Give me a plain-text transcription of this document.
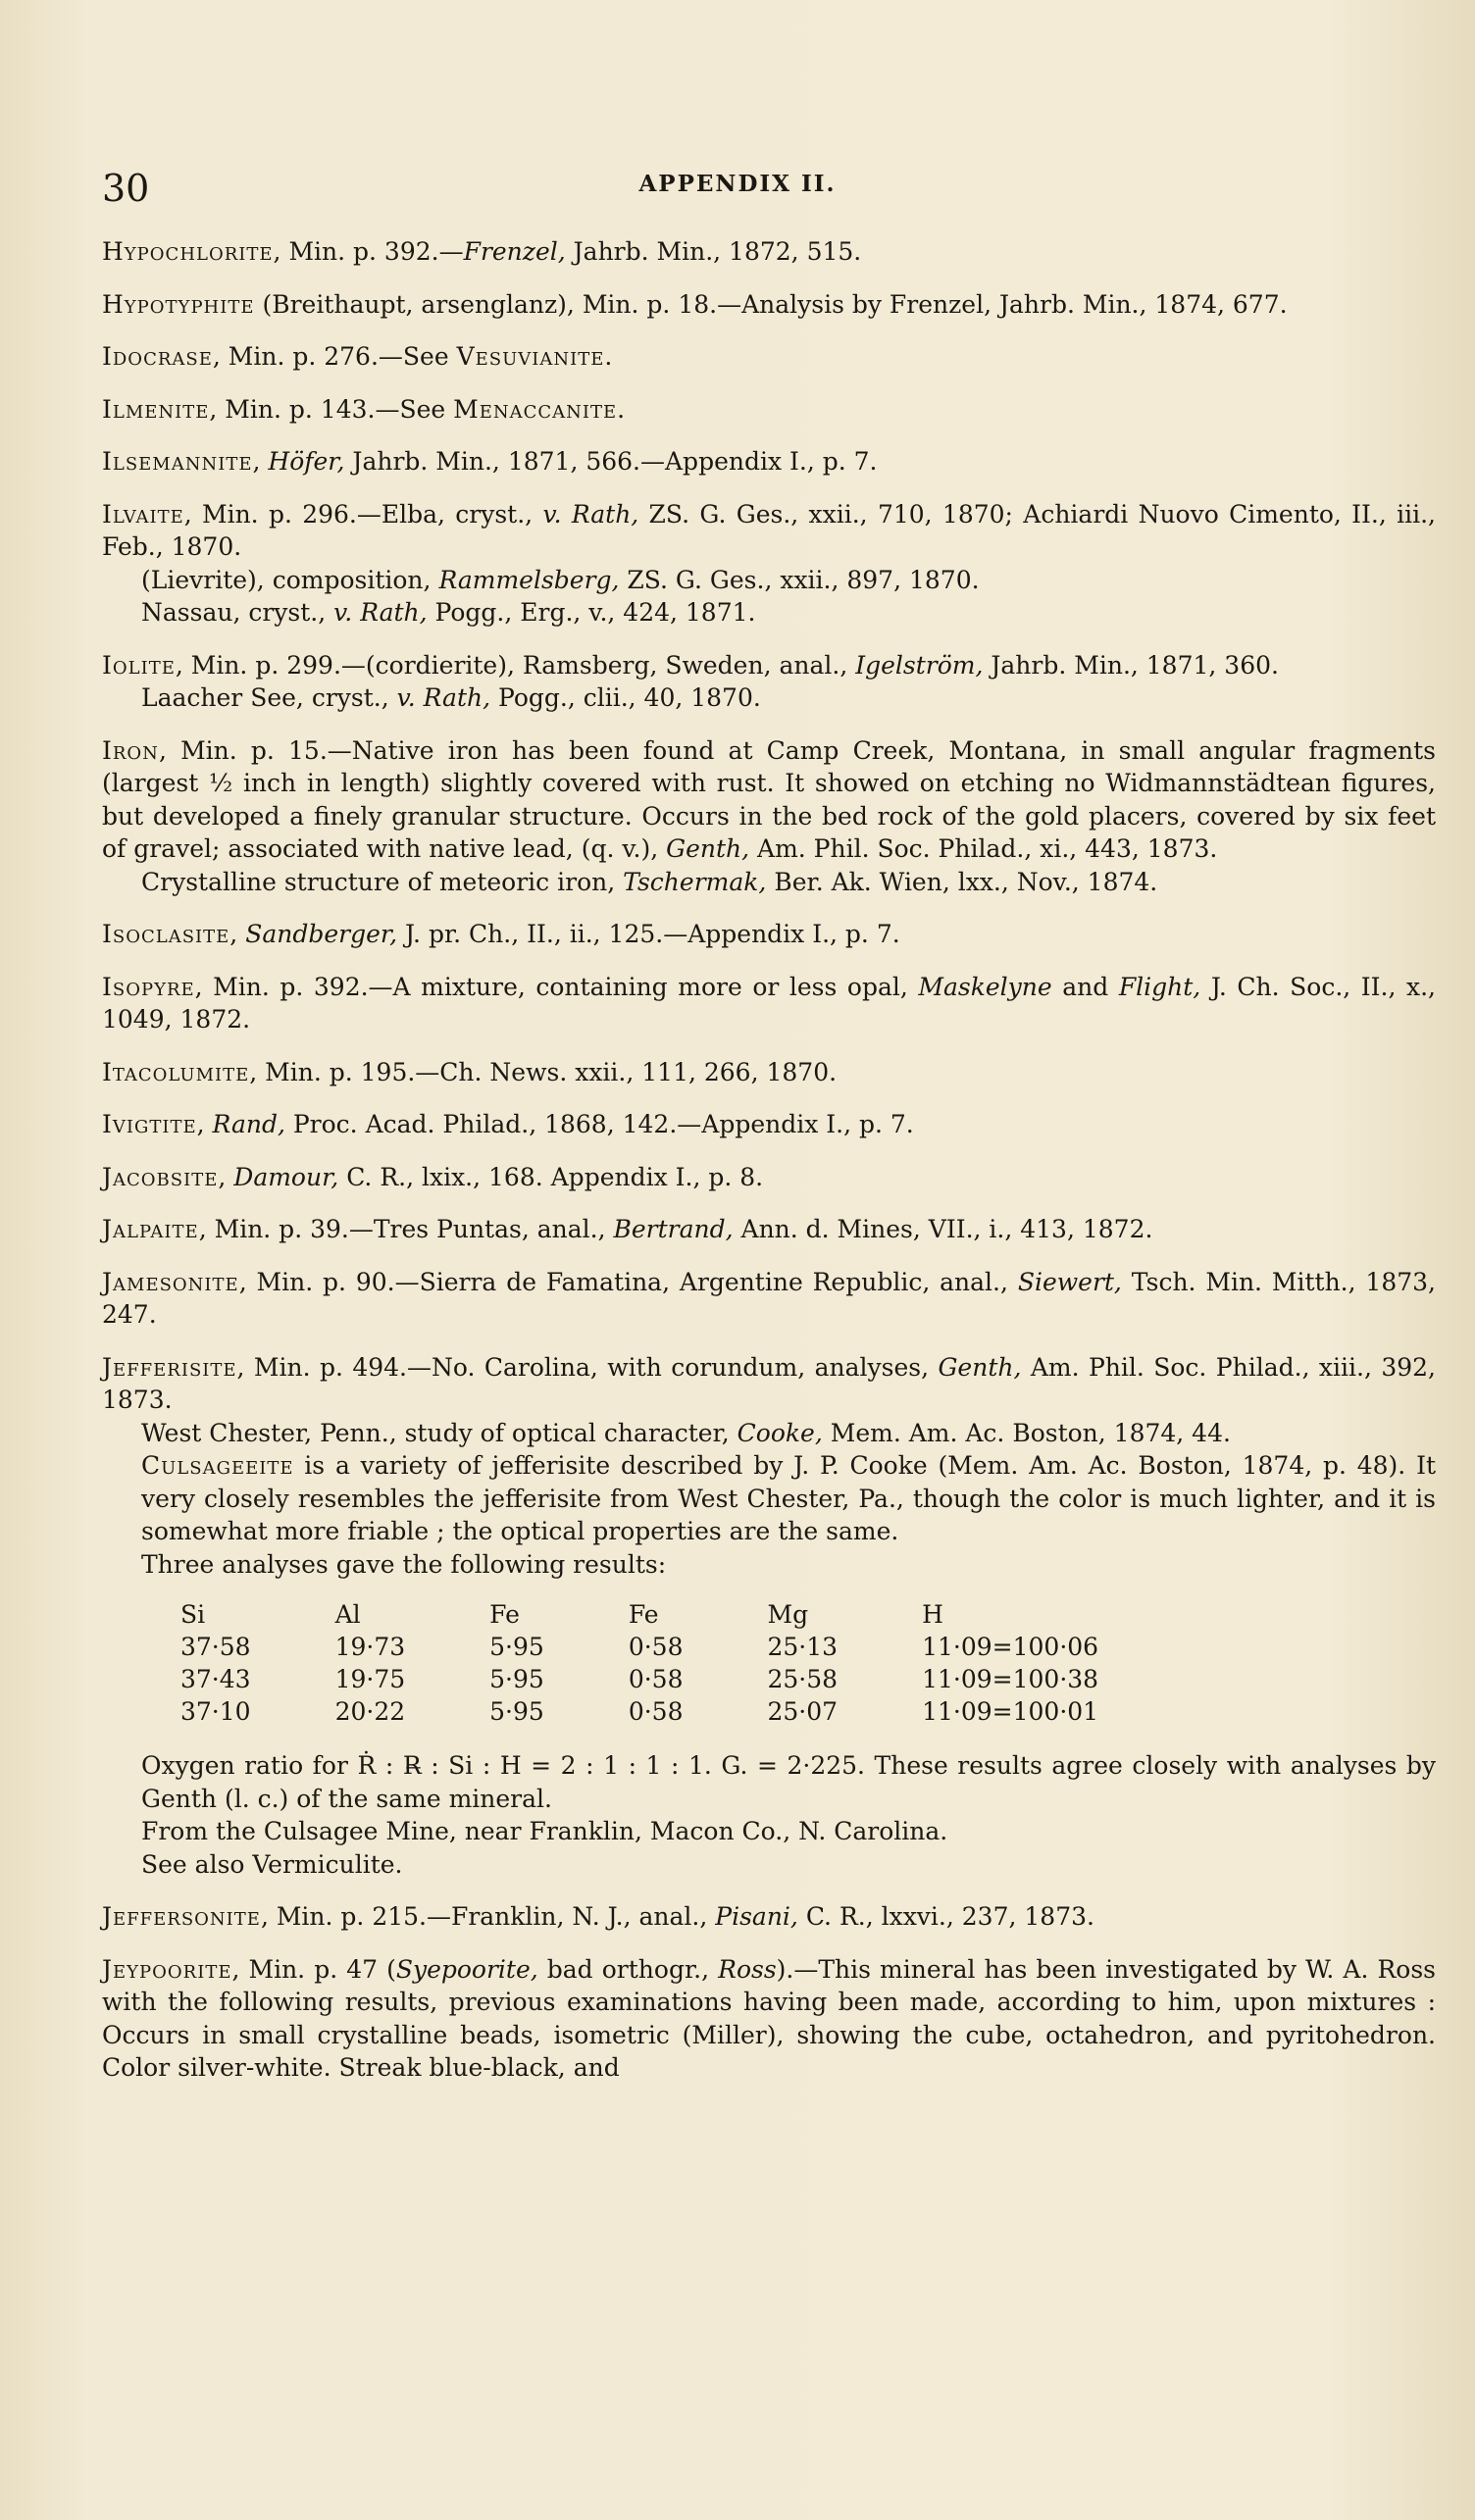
30	APPENDIX II.

Hypochlorite, Min. p. 392.—Frenzel, Jahrb. Min., 1872, 515.

Hypotyphite (Breithaupt, arsenglanz), Min. p. 18.—Analysis by Frenzel, Jahrb. Min., 1874, 677.

Idocrase, Min. p. 276.—See Vesuvianite.

Ilmenite, Min. p. 143.—See Menaccanite.

Ilsemannite, Höfer, Jahrb. Min., 1871, 566.—Appendix I., p. 7.

Ilvaite, Min. p. 296.—Elba, cryst., v. Rath, ZS. G. Ges., xxii., 710, 1870; Achiardi Nuovo Cimento, II., iii., Feb., 1870.

(Lievrite), composition, Rammelsberg, ZS. G. Ges., xxii., 897, 1870.

Nassau, cryst., v. Rath, Pogg., Erg., v., 424, 1871.

Iolite, Min. p. 299.—(cordierite), Ramsberg, Sweden, anal., Igelström, Jahrb. Min., 1871, 360.

Laacher See, cryst., v. Rath, Pogg., clii., 40, 1870.

Iron, Min. p. 15.—Native iron has been found at Camp Creek, Montana, in small angular fragments (largest ½ inch in length) slightly covered with rust. It showed on etching no Widmannstädtean figures, but developed a finely granular structure. Occurs in the bed rock of the gold placers, covered by six feet of gravel; associated with native lead, (q. v.), Genth, Am. Phil. Soc. Philad., xi., 443, 1873.

Crystalline structure of meteoric iron, Tschermak, Ber. Ak. Wien, lxx., Nov., 1874.

Isoclasite, Sandberger, J. pr. Ch., II., ii., 125.—Appendix I., p. 7.

Isopyre, Min. p. 392.—A mixture, containing more or less opal, Maskelyne and Flight, J. Ch. Soc., II., x., 1049, 1872.

Itacolumite, Min. p. 195.—Ch. News. xxii., 111, 266, 1870.

Ivigtite, Rand, Proc. Acad. Philad., 1868, 142.—Appendix I., p. 7.

Jacobsite, Damour, C. R., lxix., 168. Appendix I., p. 8.

Jalpaite, Min. p. 39.—Tres Puntas, anal., Bertrand, Ann. d. Mines, VII., i., 413, 1872.

Jamesonite, Min. p. 90.—Sierra de Famatina, Argentine Republic, anal., Siewert, Tsch. Min. Mitth., 1873, 247.

Jefferisite, Min. p. 494.—No. Carolina, with corundum, analyses, Genth, Am. Phil. Soc. Philad., xiii., 392, 1873.

West Chester, Penn., study of optical character, Cooke, Mem. Am. Ac. Boston, 1874, 44.

Culsageeite is a variety of jefferisite described by J. P. Cooke (Mem. Am. Ac. Boston, 1874, p. 48). It very closely resembles the jefferisite from West Chester, Pa., though the color is much lighter, and it is somewhat more friable ; the optical properties are the same.

Three analyses gave the following results:

Si	Al	Fe	Fe	Mg	H
37·58	19·73	5·95	0·58	25·13	11·09=100·06
37·43	19·75	5·95	0·58	25·58	11·09=100·38
37·10	20·22	5·95	0·58	25·07	11·09=100·01

Oxygen ratio for Ṙ : R̶ : Si : H = 2 : 1 : 1 : 1. G. = 2·225. These results agree closely with analyses by Genth (l. c.) of the same mineral.

From the Culsagee Mine, near Franklin, Macon Co., N. Carolina.

See also Vermiculite.

Jeffersonite, Min. p. 215.—Franklin, N. J., anal., Pisani, C. R., lxxvi., 237, 1873.

Jeypoorite, Min. p. 47 (Syepoorite, bad orthogr., Ross).—This mineral has been investigated by W. A. Ross with the following results, previous examinations having been made, according to him, upon mixtures : Occurs in small crystalline beads, isometric (Miller), showing the cube, octahedron, and pyritohedron. Color silver-white. Streak blue-black, and
